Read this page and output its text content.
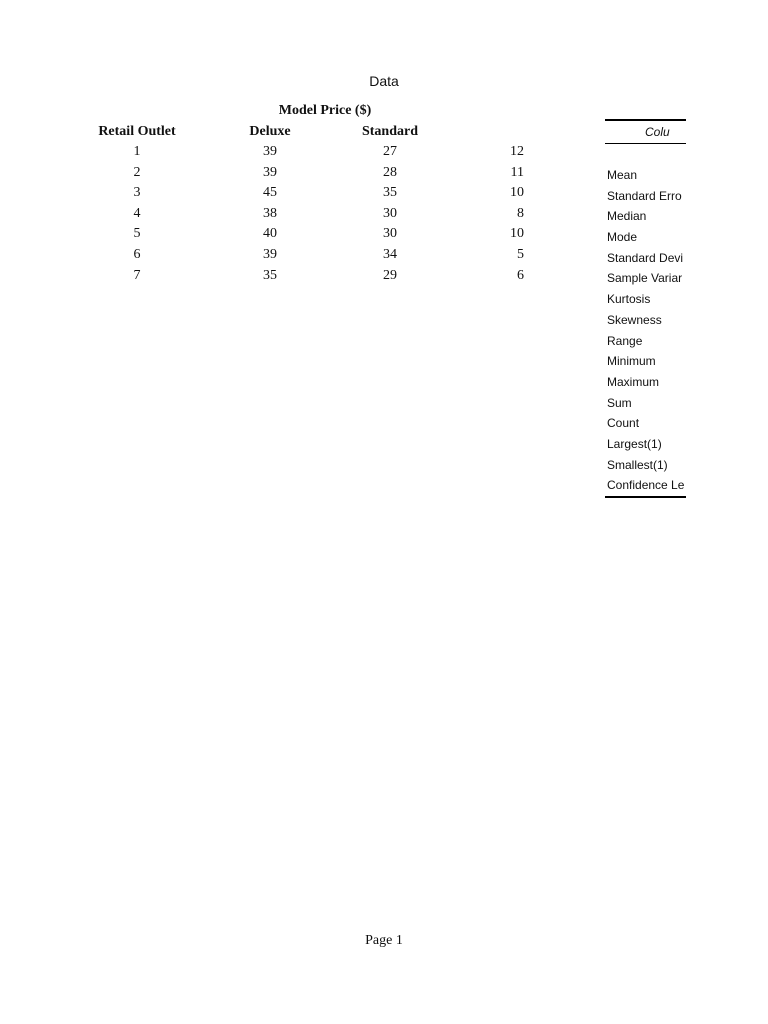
Data
Model Price ($)
Retail Outlet	Deluxe	Standard
1	39	27	12
2	39	28	11
3	45	35	10
4	38	30	8
5	40	30	10
6	39	34	5
7	35	29	6
Colu
Mean
Standard Erro
Median
Mode
Standard Devi
Sample Variar
Kurtosis
Skewness
Range
Minimum
Maximum
Sum
Count
Largest(1)
Smallest(1)
Confidence Le
Page 1
